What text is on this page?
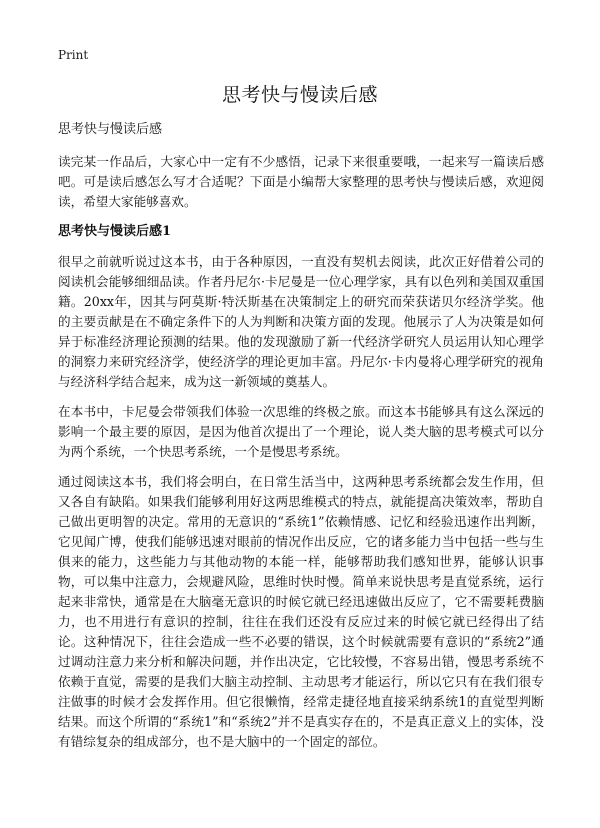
Print
思考快与慢读后感
思考快与慢读后感

读完某一作品后，大家心中一定有不少感悟，记录下来很重要哦，一起来写一篇读后感吧。可是读后感怎么写才合适呢？下面是小编帮大家整理的思考快与慢读后感，欢迎阅读，希望大家能够喜欢。

思考快与慢读后感1

很早之前就听说过这本书，由于各种原因，一直没有契机去阅读，此次正好借着公司的阅读机会能够细细品读。作者丹尼尔·卡尼曼是一位心理学家，具有以色列和美国双重国籍。20xx年，因其与阿莫斯·特沃斯基在决策制定上的研究而荣获诺贝尔经济学奖。他的主要贡献是在不确定条件下的人为判断和决策方面的发现。他展示了人为决策是如何异于标准经济理论预测的结果。他的发现激励了新一代经济学研究人员运用认知心理学的洞察力来研究经济学，使经济学的理论更加丰富。丹尼尔·卡内曼将心理学研究的视角与经济科学结合起来，成为这一新领域的奠基人。

在本书中，卡尼曼会带领我们体验一次思维的终极之旅。而这本书能够具有这么深远的影响一个最主要的原因，是因为他首次提出了一个理论，说人类大脑的思考模式可以分为两个系统，一个快思考系统，一个是慢思考系统。

通过阅读这本书，我们将会明白，在日常生活当中，这两种思考系统都会发生作用，但又各自有缺陷。如果我们能够利用好这两思维模式的特点，就能提高决策效率，帮助自己做出更明智的决定。常用的无意识的“系统1”依赖情感、记忆和经验迅速作出判断，它见闻广博，使我们能够迅速对眼前的情况作出反应，它的诸多能力当中包括一些与生俱来的能力，这些能力与其他动物的本能一样，能够帮助我们感知世界，能够认识事物，可以集中注意力，会规避风险，思维时快时慢。简单来说快思考是直觉系统，运行起来非常快，通常是在大脑毫无意识的时候它就已经迅速做出反应了，它不需要耗费脑力，也不用进行有意识的控制，往往在我们还没有反应过来的时候它就已经得出了结论。这种情况下，往往会造成一些不必要的错误，这个时候就需要有意识的“系统2”通过调动注意力来分析和解决问题，并作出决定，它比较慢，不容易出错，慢思考系统不依赖于直觉，需要的是我们大脑主动控制、主动思考才能运行，所以它只有在我们很专注做事的时候才会发挥作用。但它很懒惰，经常走捷径地直接采纳系统1的直觉型判断结果。而这个所谓的“系统1”和“系统2”并不是真实存在的，不是真正意义上的实体，没有错综复杂的组成部分，也不是大脑中的一个固定的部位。
